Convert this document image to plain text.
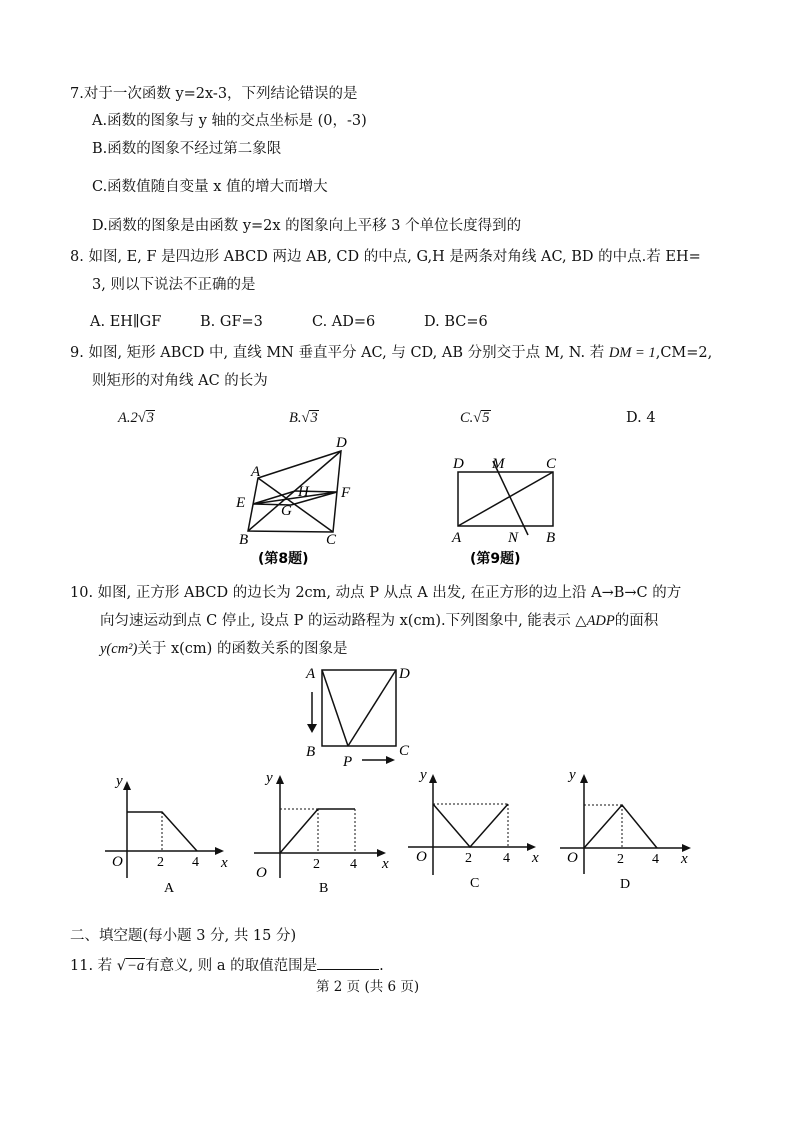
7.对于一次函数 y=2x-3，下列结论错误的是
A.函数的图象与 y 轴的交点坐标是 (0，-3)
B.函数的图象不经过第二象限
C.函数值随自变量 x 值的增大而增大
D.函数的图象是由函数 y=2x 的图象向上平移 3 个单位长度得到的
8. 如图, E, F 是四边形 ABCD 两边 AB, CD 的中点, G,H 是两条对角线 AC, BD 的中点.若 EH=
3, 则以下说法不正确的是
A. EH∥GF	B. GF=3	C. AD=6	D. BC=6
9. 如图, 矩形 ABCD 中, 直线 MN 垂直平分 AC, 与 CD, AB 分别交于点 M, N. 若 DM = 1,CM=2,
则矩形的对角线 AC 的长为
A.2√3	B.√3	C.√5	D. 4
A
D
E
F
H
G
B	C
(第8题)
D M	C
A	N B
(第9题)
10. 如图, 正方形 ABCD 的边长为 2cm, 动点 P 从点 A 出发, 在正方形的边上沿 A→B→C 的方
向匀速运动到点 C 停止, 设点 P 的运动路程为 x(cm).下列图象中, 能表示 △ADP的面积
y(cm²)关于 x(cm) 的函数关系的图象是
A	D
B	C
P
y
x
O 2 4
A
y
x
O
2 4
B
y
x
O	2 4
C
y
x
O	2 4
D
二、填空题(每小题 3 分, 共 15 分)
11. 若 √−a有意义, 则 a 的取值范围是	.
第 2 页 (共 6 页)
